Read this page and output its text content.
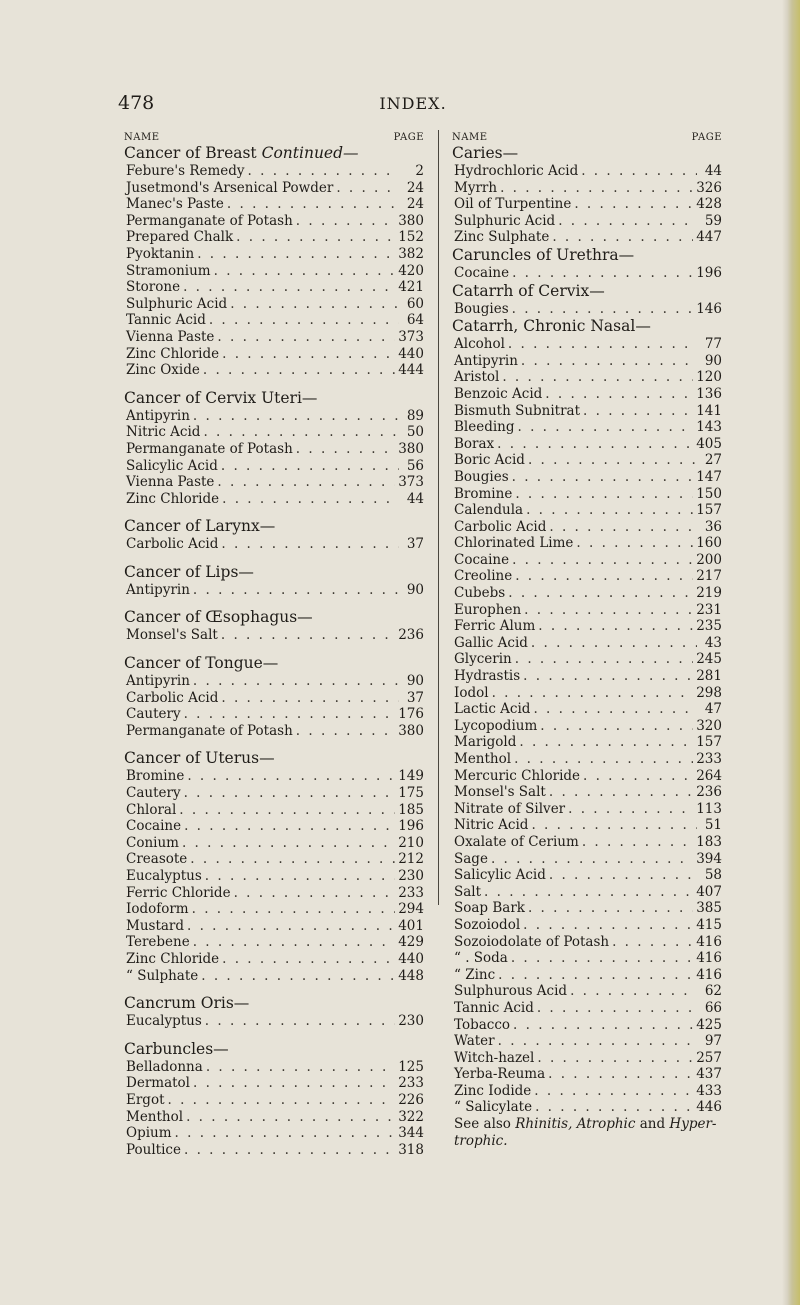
478	INDEX.
NAME	PAGE
Cancer of Breast Continued—
Febure's Remedy . . .	2
Jusetmond's Arsenical Powder . . .	24
Manec's Paste . . .	24
Permanganate of Potash . . .	380
Prepared Chalk . . .	152
Pyoktanin . . .	382
Stramonium . . .	420
Storone . . .	421
Sulphuric Acid . . .	60
Tannic Acid . . .	64
Vienna Paste . . .	373
Zinc Chloride . . .	440
Zinc Oxide . . .	444
Cancer of Cervix Uteri—
Antipyrin . . .	89
Nitric Acid . . .	50
Permanganate of Potash . . .	380
Salicylic Acid . . .	56
Vienna Paste . . .	373
Zinc Chloride . . .	44
Cancer of Larynx—
Carbolic Acid . . .	37
Cancer of Lips—
Antipyrin . . .	90
Cancer of Œsophagus—
Monsel's Salt . . .	236
Cancer of Tongue—
Antipyrin . . .	90
Carbolic Acid . . .	37
Cautery . . .	176
Permanganate of Potash . . .	380
Cancer of Uterus—
Bromine . . .	149
Cautery . . .	175
Chloral . . .	185
Cocaine . . .	196
Conium . . .	210
Creasote . . .	212
Eucalyptus . . .	230
Ferric Chloride . . .	233
Iodoform . . .	294
Mustard . . .	401
Terebene . . .	429
Zinc Chloride . . .	440
“ Sulphate . . .	448
Cancrum Oris—
Eucalyptus . . .	230
Carbuncles—
Belladonna . . .	125
Dermatol . . .	233
Ergot . . .	226
Menthol . . .	322
Opium . . .	344
Poultice . . .	318
NAME	PAGE
Caries—
Hydrochloric Acid . . .	44
Myrrh . . .	326
Oil of Turpentine . . .	428
Sulphuric Acid . . .	59
Zinc Sulphate . . .	447
Caruncles of Urethra—
Cocaine . . .	196
Catarrh of Cervix—
Bougies . . .	146
Catarrh, Chronic Nasal—
Alcohol . . .	77
Antipyrin . . .	90
Aristol . . .	120
Benzoic Acid . . .	136
Bismuth Subnitrat . . .	141
Bleeding . . .	143
Borax . . .	405
Boric Acid . . .	27
Bougies . . .	147
Bromine . . .	150
Calendula . . .	157
Carbolic Acid . . .	36
Chlorinated Lime . . .	160
Cocaine . . .	200
Creoline . . .	217
Cubebs . . .	219
Europhen . . .	231
Ferric Alum . . .	235
Gallic Acid . . .	43
Glycerin . . .	245
Hydrastis . . .	281
Iodol . . .	298
Lactic Acid . . .	47
Lycopodium . . .	320
Marigold . . .	157
Menthol . . .	233
Mercuric Chloride . . .	264
Monsel's Salt . . .	236
Nitrate of Silver . . .	113
Nitric Acid . . .	51
Oxalate of Cerium . . .	183
Sage . . .	394
Salicylic Acid . . .	58
Salt . . .	407
Soap Bark . . .	385
Sozoiodol . . .	415
Sozoiodolate of Potash . . .	416
“ . Soda . . .	416
“ Zinc . . .	416
Sulphurous Acid . . .	62
Tannic Acid . . .	66
Tobacco . . .	425
Water . . .	97
Witch-hazel . . .	257
Yerba-Reuma . . .	437
Zinc Iodide . . .	433
“ Salicylate . . .	446
See also Rhinitis, Atrophic and Hyper-trophic.
